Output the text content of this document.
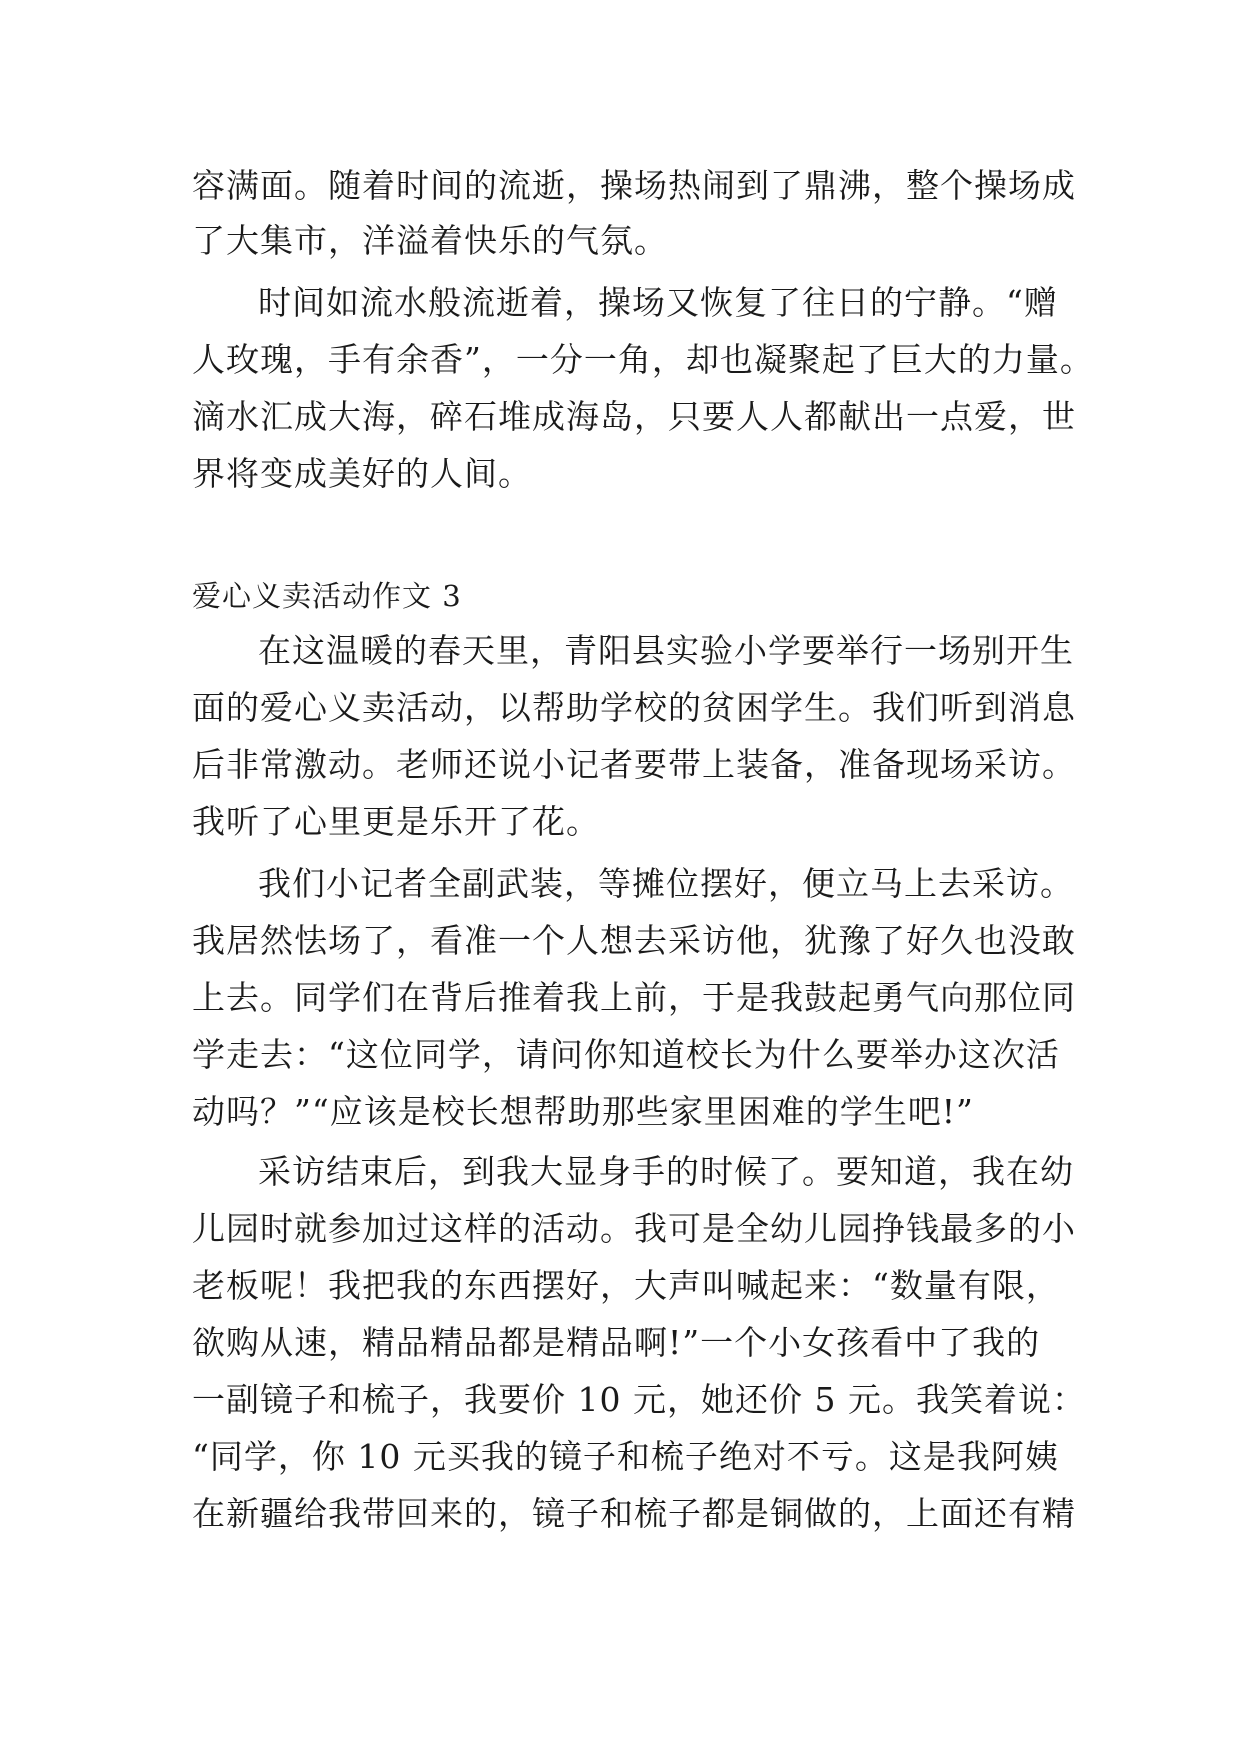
容满面。随着时间的流逝，操场热闹到了鼎沸，整个操场成
了大集市，洋溢着快乐的气氛。
时间如流水般流逝着，操场又恢复了往日的宁静。“赠
人玫瑰，手有余香”，一分一角，却也凝聚起了巨大的力量。
滴水汇成大海，碎石堆成海岛，只要人人都献出一点爱，世
界将变成美好的人间。
爱心义卖活动作文 3
在这温暖的春天里，青阳县实验小学要举行一场别开生
面的爱心义卖活动，以帮助学校的贫困学生。我们听到消息
后非常激动。老师还说小记者要带上装备，准备现场采访。
我听了心里更是乐开了花。
我们小记者全副武装，等摊位摆好，便立马上去采访。
我居然怯场了，看准一个人想去采访他，犹豫了好久也没敢
上去。同学们在背后推着我上前，于是我鼓起勇气向那位同
学走去：“这位同学，请问你知道校长为什么要举办这次活
动吗？”“应该是校长想帮助那些家里困难的学生吧!”
采访结束后，到我大显身手的时候了。要知道，我在幼
儿园时就参加过这样的活动。我可是全幼儿园挣钱最多的小
老板呢！我把我的东西摆好，大声叫喊起来：“数量有限，
欲购从速，精品精品都是精品啊!”一个小女孩看中了我的
一副镜子和梳子，我要价 10 元，她还价 5 元。我笑着说：
“同学，你 10 元买我的镜子和梳子绝对不亏。这是我阿姨
在新疆给我带回来的，镜子和梳子都是铜做的，上面还有精
